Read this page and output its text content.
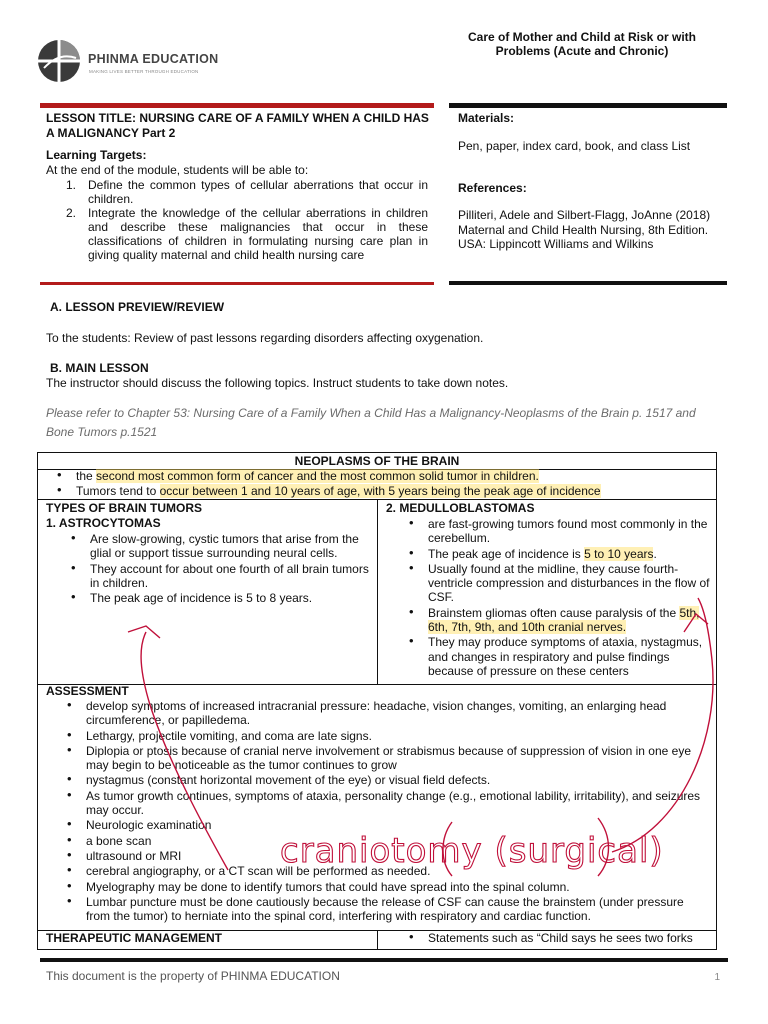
PHINMA EDUCATION
MAKING LIVES BETTER THROUGH EDUCATION
Care of Mother and Child at Risk or with Problems (Acute and Chronic)
LESSON TITLE: NURSING CARE OF A FAMILY WHEN A CHILD HAS A MALIGNANCY Part 2
Learning Targets:
At the end of the module, students will be able to:
1. Define the common types of cellular aberrations that occur in children.
2. Integrate the knowledge of the cellular aberrations in children and describe these malignancies that occur in these classifications of children in formulating nursing care plan in giving quality maternal and child health nursing care
Materials:
Pen, paper, index card, book, and class List
References:
Pilliteri, Adele and Silbert-Flagg, JoAnne (2018) Maternal and Child Health Nursing, 8th Edition. USA: Lippincott Williams and Wilkins
A. LESSON PREVIEW/REVIEW
To the students: Review of past lessons regarding disorders affecting oxygenation.
B. MAIN LESSON
The instructor should discuss the following topics. Instruct students to take down notes.
Please refer to Chapter 53: Nursing Care of a Family When a Child Has a Malignancy-Neoplasms of the Brain p. 1517 and Bone Tumors p.1521
NEOPLASMS OF THE BRAIN
• the second most common form of cancer and the most common solid tumor in children.
• Tumors tend to occur between 1 and 10 years of age, with 5 years being the peak age of incidence
TYPES OF BRAIN TUMORS
1. ASTROCYTOMAS
• Are slow-growing, cystic tumors that arise from the glial or support tissue surrounding neural cells.
• They account for about one fourth of all brain tumors in children.
• The peak age of incidence is 5 to 8 years.
2. MEDULLOBLASTOMAS
• are fast-growing tumors found most commonly in the cerebellum.
• The peak age of incidence is 5 to 10 years.
• Usually found at the midline, they cause fourth-ventricle compression and disturbances in the flow of CSF.
• Brainstem gliomas often cause paralysis of the 5th, 6th, 7th, 9th, and 10th cranial nerves.
• They may produce symptoms of ataxia, nystagmus, and changes in respiratory and pulse findings because of pressure on these centers
ASSESSMENT
• develop symptoms of increased intracranial pressure: headache, vision changes, vomiting, an enlarging head circumference, or papilledema.
• Lethargy, projectile vomiting, and coma are late signs.
• Diplopia or ptosis because of cranial nerve involvement or strabismus because of suppression of vision in one eye may begin to be noticeable as the tumor continues to grow
• nystagmus (constant horizontal movement of the eye) or visual field defects.
• As tumor growth continues, symptoms of ataxia, personality change (e.g., emotional lability, irritability), and seizures may occur.
• Neurologic examination
• a bone scan
• ultrasound or MRI
• cerebral angiography, or a CT scan will be performed as needed.
• Myelography may be done to identify tumors that could have spread into the spinal column.
• Lumbar puncture must be done cautiously because the release of CSF can cause the brainstem (under pressure from the tumor) to herniate into the spinal cord, interfering with respiratory and cardiac function.
THERAPEUTIC MANAGEMENT
•	Statements such as “Child says he sees two forks
craniotomy (surgical)
This document is the property of PHINMA EDUCATION	1
